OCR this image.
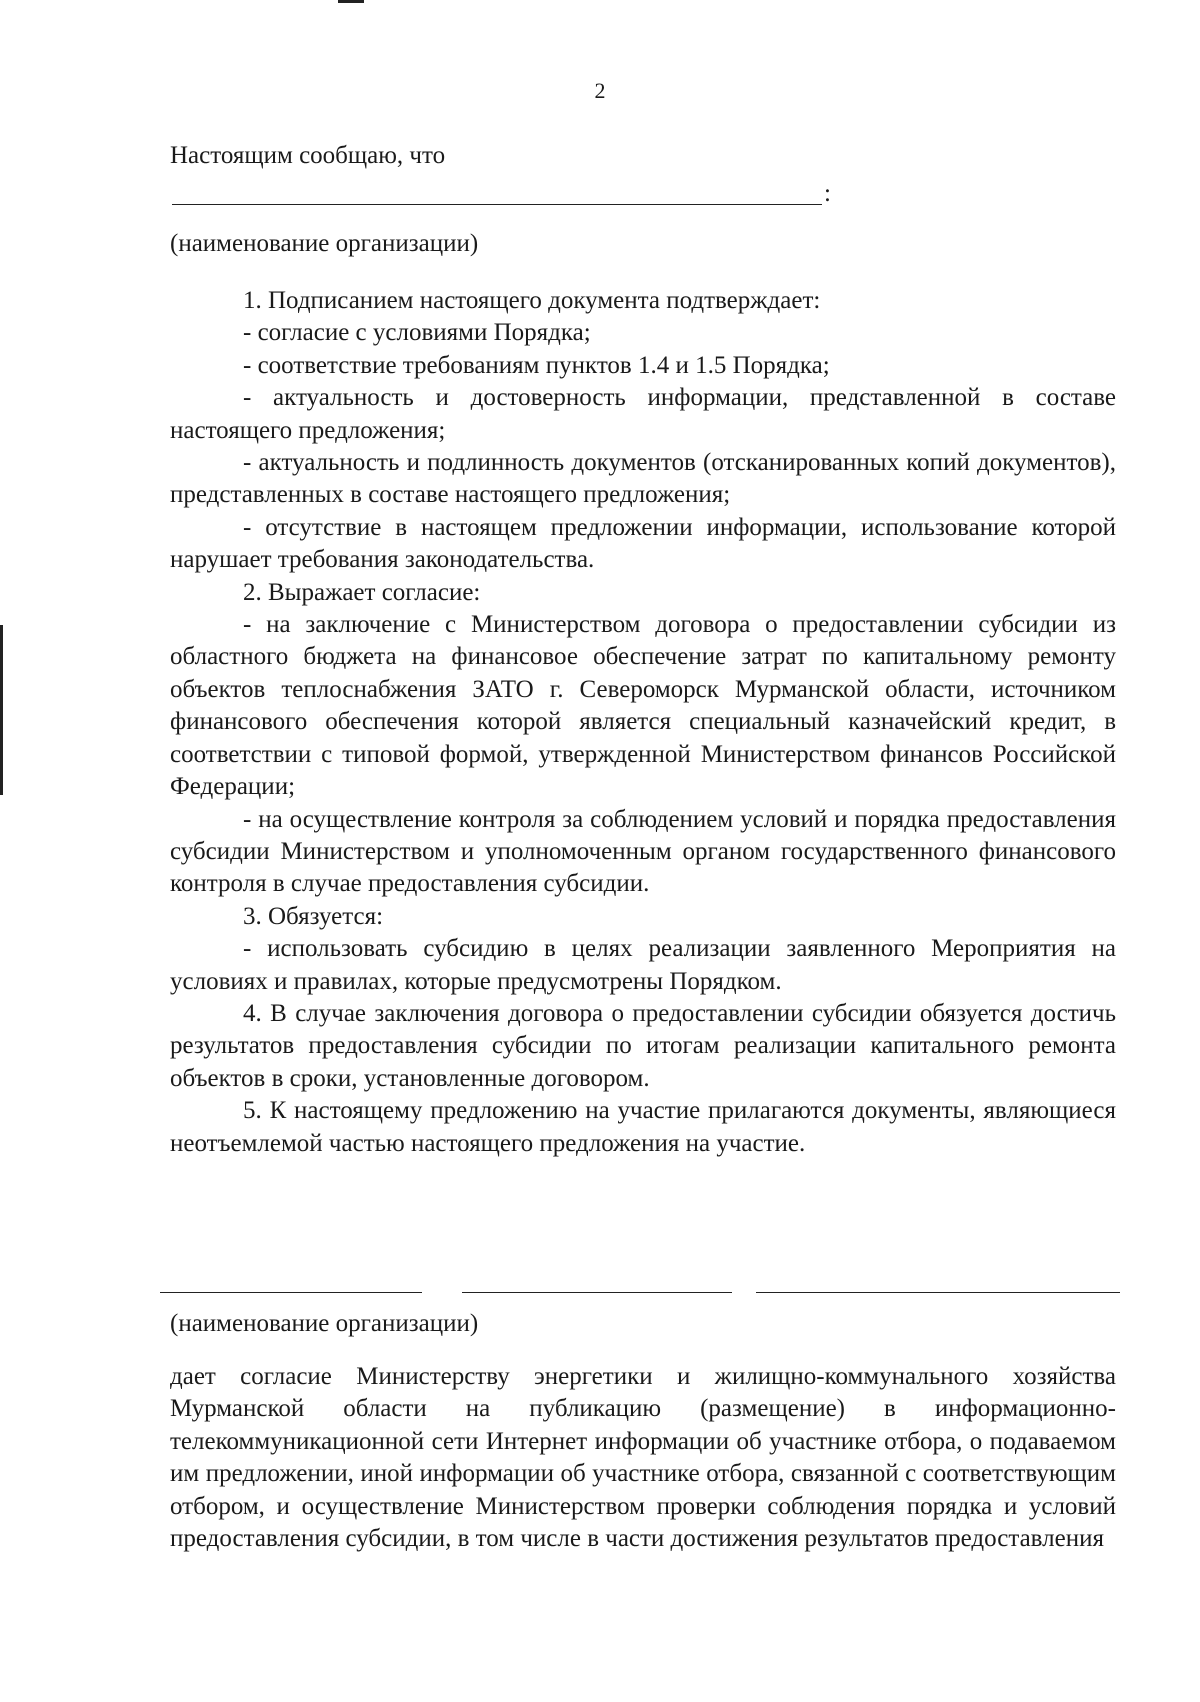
2
Настоящим сообщаю, что
:
(наименование организации)

1. Подписанием настоящего документа подтверждает:

- согласие с условиями Порядка;

- соответствие требованиям пунктов 1.4 и 1.5 Порядка;

- актуальность и достоверность информации, представленной в составе настоящего предложения;

- актуальность и подлинность документов (отсканированных копий документов), представленных в составе настоящего предложения;

- отсутствие в настоящем предложении информации, использование которой нарушает требования законодательства.

2. Выражает согласие:

- на заключение с Министерством договора о предоставлении субсидии из областного бюджета на финансовое обеспечение затрат по капитальному ремонту объектов теплоснабжения ЗАТО г. Североморск Мурманской области, источником финансового обеспечения которой является специальный казначейский кредит, в соответствии с типовой формой, утвержденной Министерством финансов Российской Федерации;

- на осуществление контроля за соблюдением условий и порядка предоставления субсидии Министерством и уполномоченным органом государственного финансового контроля в случае предоставления субсидии.

3. Обязуется:

- использовать субсидию в целях реализации заявленного Мероприятия на условиях и правилах, которые предусмотрены Порядком.

4. В случае заключения договора о предоставлении субсидии обязуется достичь результатов предоставления субсидии по итогам реализации капитального ремонта объектов в сроки, установленные договором.

5. К настоящему предложению на участие прилагаются документы, являющиеся неотъемлемой частью настоящего предложения на участие.

(наименование организации)

дает согласие Министерству энергетики и жилищно-коммунального хозяйства Мурманской области на публикацию (размещение) в информационно-телекоммуникационной сети Интернет информации об участнике отбора, о подаваемом им предложении, иной информации об участнике отбора, связанной с соответствующим отбором, и осуществление Министерством проверки соблюдения порядка и условий предоставления субсидии, в том числе в части достижения результатов предоставления
